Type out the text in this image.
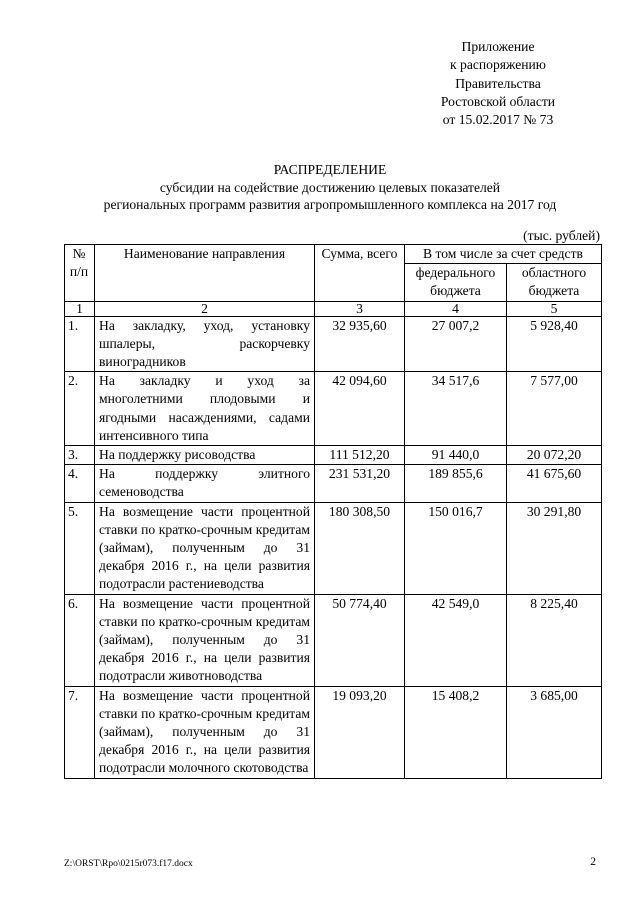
Приложение
к распоряжению
Правительства
Ростовской области
от 15.02.2017 № 73
РАСПРЕДЕЛЕНИЕ
субсидии на содействие достижению целевых показателей
региональных программ развития агропромышленного комплекса на 2017 год
(тыс. рублей)
№ п/п	Наименование направления	Сумма, всего	В том числе за счет средств	
			федерального бюджета	областного бюджета
1	2	3	4	5
1.	На закладку, уход, установку шпалеры, раскорчевку виноградников	32 935,60	27 007,2	5 928,40
2.	На закладку и уход за многолетними плодовыми и ягодными насаждениями, садами интенсивного типа	42 094,60	34 517,6	7 577,00
3.	На поддержку рисоводства	111 512,20	91 440,0	20 072,20
4.	На поддержку элитного семеноводства	231 531,20	189 855,6	41 675,60
5.	На возмещение части процентной ставки по кратко-срочным кредитам (займам), полученным до 31 декабря 2016 г., на цели развития подотрасли растениеводства	180 308,50	150 016,7	30 291,80
6.	На возмещение части процентной ставки по кратко-срочным кредитам (займам), полученным до 31 декабря 2016 г., на цели развития подотрасли животноводства	50 774,40	42 549,0	8 225,40
7.	На возмещение части процентной ставки по кратко-срочным кредитам (займам), полученным до 31 декабря 2016 г., на цели развития подотрасли молочного скотоводства	19 093,20	15 408,2	3 685,00
Z:\ORST\Rpo\0215r073.f17.docx	2
